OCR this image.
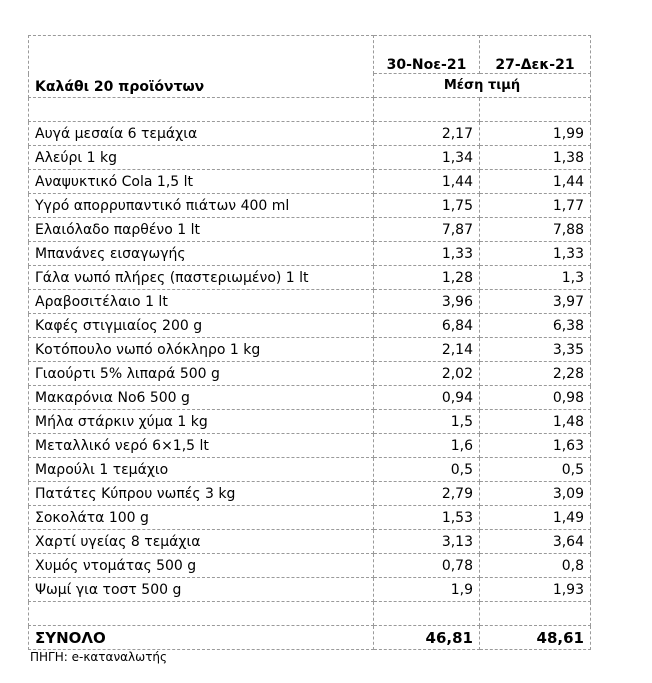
Καλάθι 20 προϊόντων	30-Νοε-21	27-Δεκ-21
	Μέση τιμή	

Αυγά μεσαία 6 τεμάχια	2,17	1,99
Αλεύρι 1 kg	1,34	1,38
Αναψυκτικό Cola 1,5 lt	1,44	1,44
Υγρό απορρυπαντικό πιάτων 400 ml	1,75	1,77
Ελαιόλαδο παρθένο 1 lt	7,87	7,88
Μπανάνες εισαγωγής	1,33	1,33
Γάλα νωπό πλήρες (παστεριωμένο) 1 lt	1,28	1,3
Αραβοσιτέλαιο 1 lt	3,96	3,97
Καφές στιγμιαίος 200 g	6,84	6,38
Κοτόπουλο νωπό ολόκληρο 1 kg	2,14	3,35
Γιαούρτι 5% λιπαρά 500 g	2,02	2,28
Μακαρόνια Νο6 500 g	0,94	0,98
Μήλα στάρκιν χύμα 1 kg	1,5	1,48
Μεταλλικό νερό 6×1,5 lt	1,6	1,63
Μαρούλι 1 τεμάχιο	0,5	0,5
Πατάτες Κύπρου νωπές 3 kg	2,79	3,09
Σοκολάτα 100 g	1,53	1,49
Χαρτί υγείας 8 τεμάχια	3,13	3,64
Χυμός ντομάτας 500 g	0,78	0,8
Ψωμί για τοστ 500 g	1,9	1,93

ΣΥΝΟΛΟ	46,81	48,61
ΠΗΓΗ: e-καταναλωτής
